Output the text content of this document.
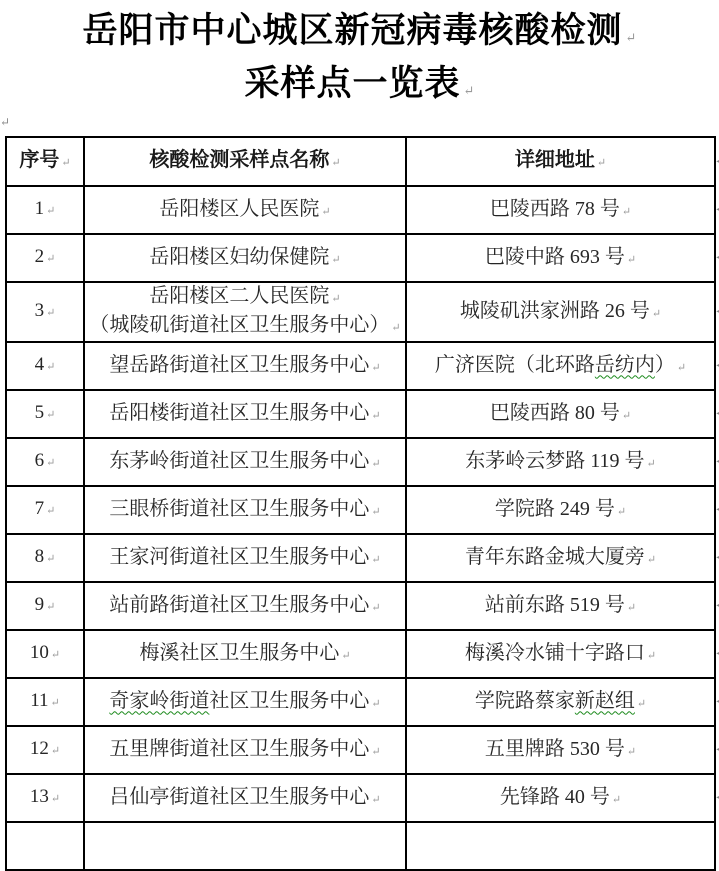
↵
岳阳市中心城区新冠病毒核酸检测 ↵
采样点一览表 ↵
序号 ↵	核酸检测采样点名称 ↵	详细地址
◄
↵

1 ↵	岳阳楼区人民医院 ↵	巴陵西路 78 号 ↵
◄

2 ↵	岳阳楼区妇幼保健院 ↵	巴陵中路 693 号 ↵
◄

3 ↵	岳阳楼区二人民医院 ↵
（城陵矶街道社区卫生服务中心） ↵	城陵矶洪家洲路 26 号 ↵
◄

4 ↵	望岳路街道社区卫生服务中心 ↵	广济医院（北环路岳纺内） ↵
◄

5 ↵	岳阳楼街道社区卫生服务中心 ↵	巴陵西路 80 号 ↵
◄

6 ↵	东茅岭街道社区卫生服务中心 ↵	东茅岭云梦路 119 号 ↵
◄

7 ↵	三眼桥街道社区卫生服务中心 ↵	学院路 249 号 ↵
◄

8 ↵	王家河街道社区卫生服务中心 ↵	青年东路金城大厦旁 ↵
◄

9 ↵	站前路街道社区卫生服务中心 ↵	站前东路 519 号 ↵
◄

10 ↵	梅溪社区卫生服务中心 ↵	梅溪冷水铺十字路口 ↵
◄

11 ↵	奇家岭街道社区卫生服务中心 ↵	学院路蔡家新赵组 ↵
◄

12 ↵	五里牌街道社区卫生服务中心 ↵	五里牌路 530 号 ↵
◄

13 ↵	吕仙亭街道社区卫生服务中心 ↵	先锋路 40 号 ↵
◄
